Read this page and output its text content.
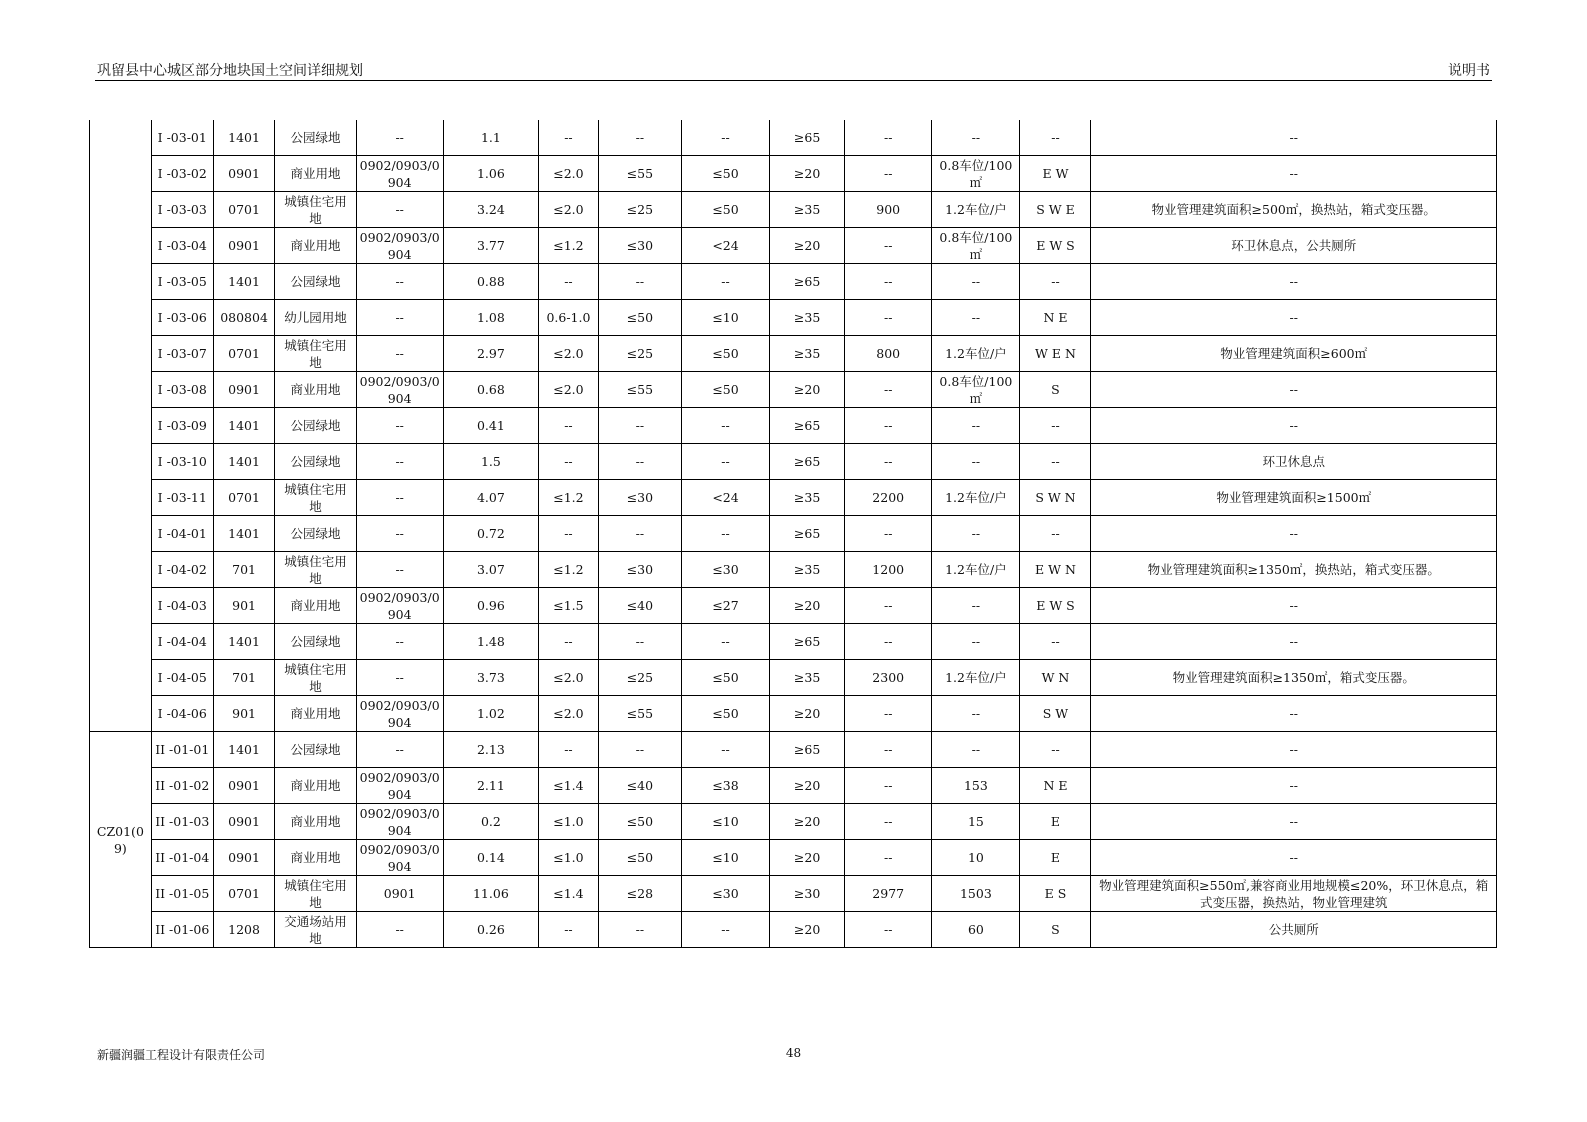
巩留县中心城区部分地块国土空间详细规划	说明书
	I -03-01	1401	公园绿地	--	1.1	--	--	--	≥65	--	--	--	--
	I -03-02	0901	商业用地	0902/0903/0904	1.06	≤2.0	≤55	≤50	≥20	--	0.8车位/100㎡	E W	--
	I -03-03	0701	城镇住宅用地	--	3.24	≤2.0	≤25	≤50	≥35	900	1.2车位/户	S W E	物业管理建筑面积≥500㎡，换热站，箱式变压器。
	I -03-04	0901	商业用地	0902/0903/0904	3.77	≤1.2	≤30	<24	≥20	--	0.8车位/100㎡	E W S	环卫休息点，公共厕所
	I -03-05	1401	公园绿地	--	0.88	--	--	--	≥65	--	--	--	--
	I -03-06	080804	幼儿园用地	--	1.08	0.6-1.0	≤50	≤10	≥35	--	--	N E	--
	I -03-07	0701	城镇住宅用地	--	2.97	≤2.0	≤25	≤50	≥35	800	1.2车位/户	W E N	物业管理建筑面积≥600㎡
	I -03-08	0901	商业用地	0902/0903/0904	0.68	≤2.0	≤55	≤50	≥20	--	0.8车位/100㎡	S	--
	I -03-09	1401	公园绿地	--	0.41	--	--	--	≥65	--	--	--	--
	I -03-10	1401	公园绿地	--	1.5	--	--	--	≥65	--	--	--	环卫休息点
	I -03-11	0701	城镇住宅用地	--	4.07	≤1.2	≤30	<24	≥35	2200	1.2车位/户	S W N	物业管理建筑面积≥1500㎡
	I -04-01	1401	公园绿地	--	0.72	--	--	--	≥65	--	--	--	--
	I -04-02	701	城镇住宅用地	--	3.07	≤1.2	≤30	≤30	≥35	1200	1.2车位/户	E W N	物业管理建筑面积≥1350㎡，换热站，箱式变压器。
	I -04-03	901	商业用地	0902/0903/0904	0.96	≤1.5	≤40	≤27	≥20	--	--	E W S	--
	I -04-04	1401	公园绿地	--	1.48	--	--	--	≥65	--	--	--	--
	I -04-05	701	城镇住宅用地	--	3.73	≤2.0	≤25	≤50	≥35	2300	1.2车位/户	W N	物业管理建筑面积≥1350㎡，箱式变压器。
	I -04-06	901	商业用地	0902/0903/0904	1.02	≤2.0	≤55	≤50	≥20	--	--	S W	--
CZ01(09)	II -01-01	1401	公园绿地	--	2.13	--	--	--	≥65	--	--	--	--
	II -01-02	0901	商业用地	0902/0903/0904	2.11	≤1.4	≤40	≤38	≥20	--	153	N E	--
	II -01-03	0901	商业用地	0902/0903/0904	0.2	≤1.0	≤50	≤10	≥20	--	15	E	--
	II -01-04	0901	商业用地	0902/0903/0904	0.14	≤1.0	≤50	≤10	≥20	--	10	E	--
	II -01-05	0701	城镇住宅用地	0901	11.06	≤1.4	≤28	≤30	≥30	2977	1503	E S	物业管理建筑面积≥550㎡,兼容商业用地规模≤20%，环卫休息点，箱式变压器，换热站，物业管理建筑
	II -01-06	1208	交通场站用地	--	0.26	--	--	--	≥20	--	60	S	公共厕所
新疆润疆工程设计有限责任公司	48
